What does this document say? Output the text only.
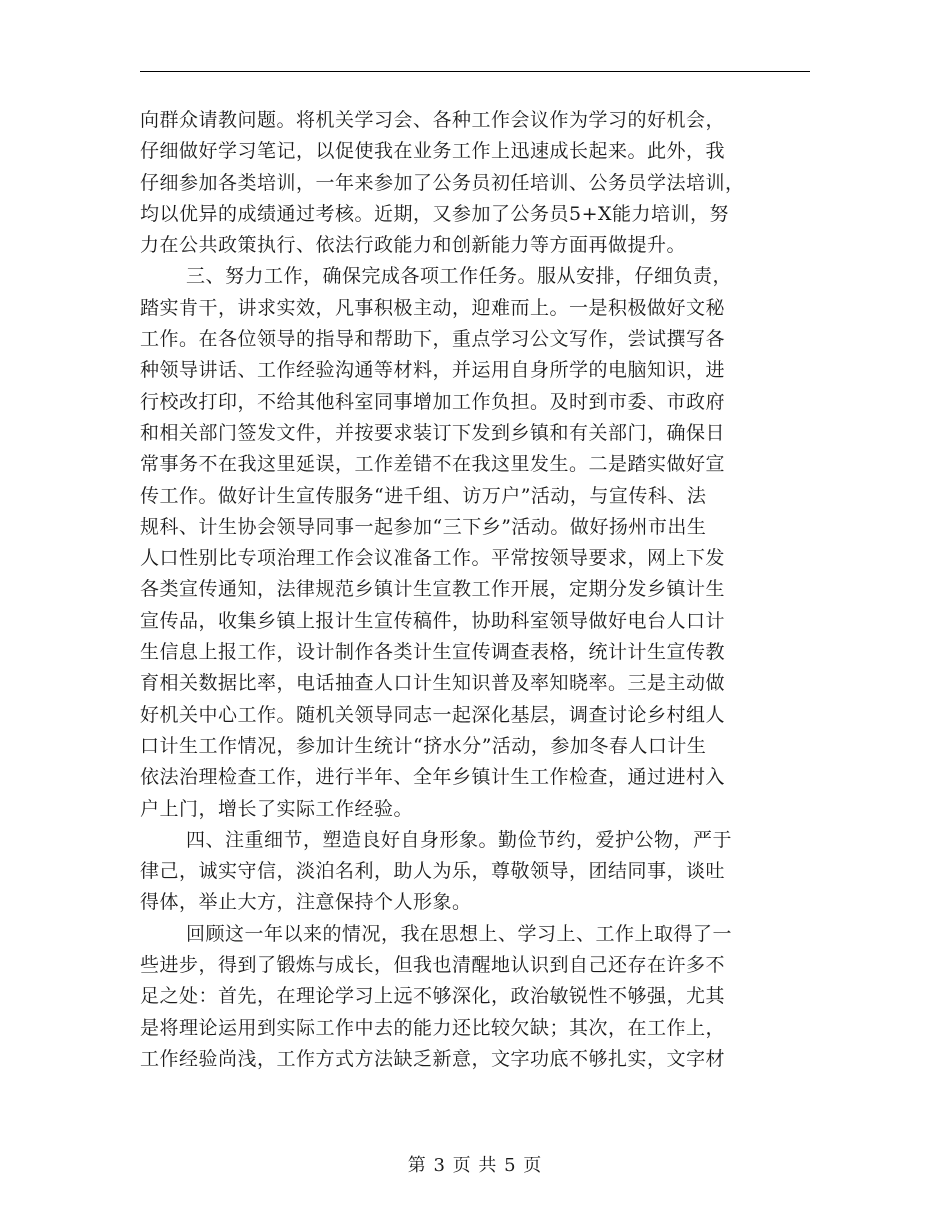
向群众请教问题。将机关学习会、各种工作会议作为学习的好机会，
仔细做好学习笔记，以促使我在业务工作上迅速成长起来。此外，我
仔细参加各类培训，一年来参加了公务员初任培训、公务员学法培训，
均以优异的成绩通过考核。近期，又参加了公务员5+X能力培训，努
力在公共政策执行、依法行政能力和创新能力等方面再做提升。
三、努力工作，确保完成各项工作任务。服从安排，仔细负责，
踏实肯干，讲求实效，凡事积极主动，迎难而上。一是积极做好文秘
工作。在各位领导的指导和帮助下，重点学习公文写作，尝试撰写各
种领导讲话、工作经验沟通等材料，并运用自身所学的电脑知识，进
行校改打印，不给其他科室同事增加工作负担。及时到市委、市政府
和相关部门签发文件，并按要求装订下发到乡镇和有关部门，确保日
常事务不在我这里延误，工作差错不在我这里发生。二是踏实做好宣
传工作。做好计生宣传服务“进千组、访万户”活动，与宣传科、法
规科、计生协会领导同事一起参加“三下乡”活动。做好扬州市出生
人口性别比专项治理工作会议准备工作。平常按领导要求，网上下发
各类宣传通知，法律规范乡镇计生宣教工作开展，定期分发乡镇计生
宣传品，收集乡镇上报计生宣传稿件，协助科室领导做好电台人口计
生信息上报工作，设计制作各类计生宣传调查表格，统计计生宣传教
育相关数据比率，电话抽查人口计生知识普及率知晓率。三是主动做
好机关中心工作。随机关领导同志一起深化基层，调查讨论乡村组人
口计生工作情况，参加计生统计“挤水分”活动，参加冬春人口计生
依法治理检查工作，进行半年、全年乡镇计生工作检查，通过进村入
户上门，增长了实际工作经验。
四、注重细节，塑造良好自身形象。勤俭节约，爱护公物，严于
律己，诚实守信，淡泊名利，助人为乐，尊敬领导，团结同事，谈吐
得体，举止大方，注意保持个人形象。
回顾这一年以来的情况，我在思想上、学习上、工作上取得了一
些进步，得到了锻炼与成长，但我也清醒地认识到自己还存在许多不
足之处：首先，在理论学习上远不够深化，政治敏锐性不够强，尤其
是将理论运用到实际工作中去的能力还比较欠缺；其次，在工作上，
工作经验尚浅，工作方式方法缺乏新意，文字功底不够扎实，文字材
第 3 页 共 5 页
